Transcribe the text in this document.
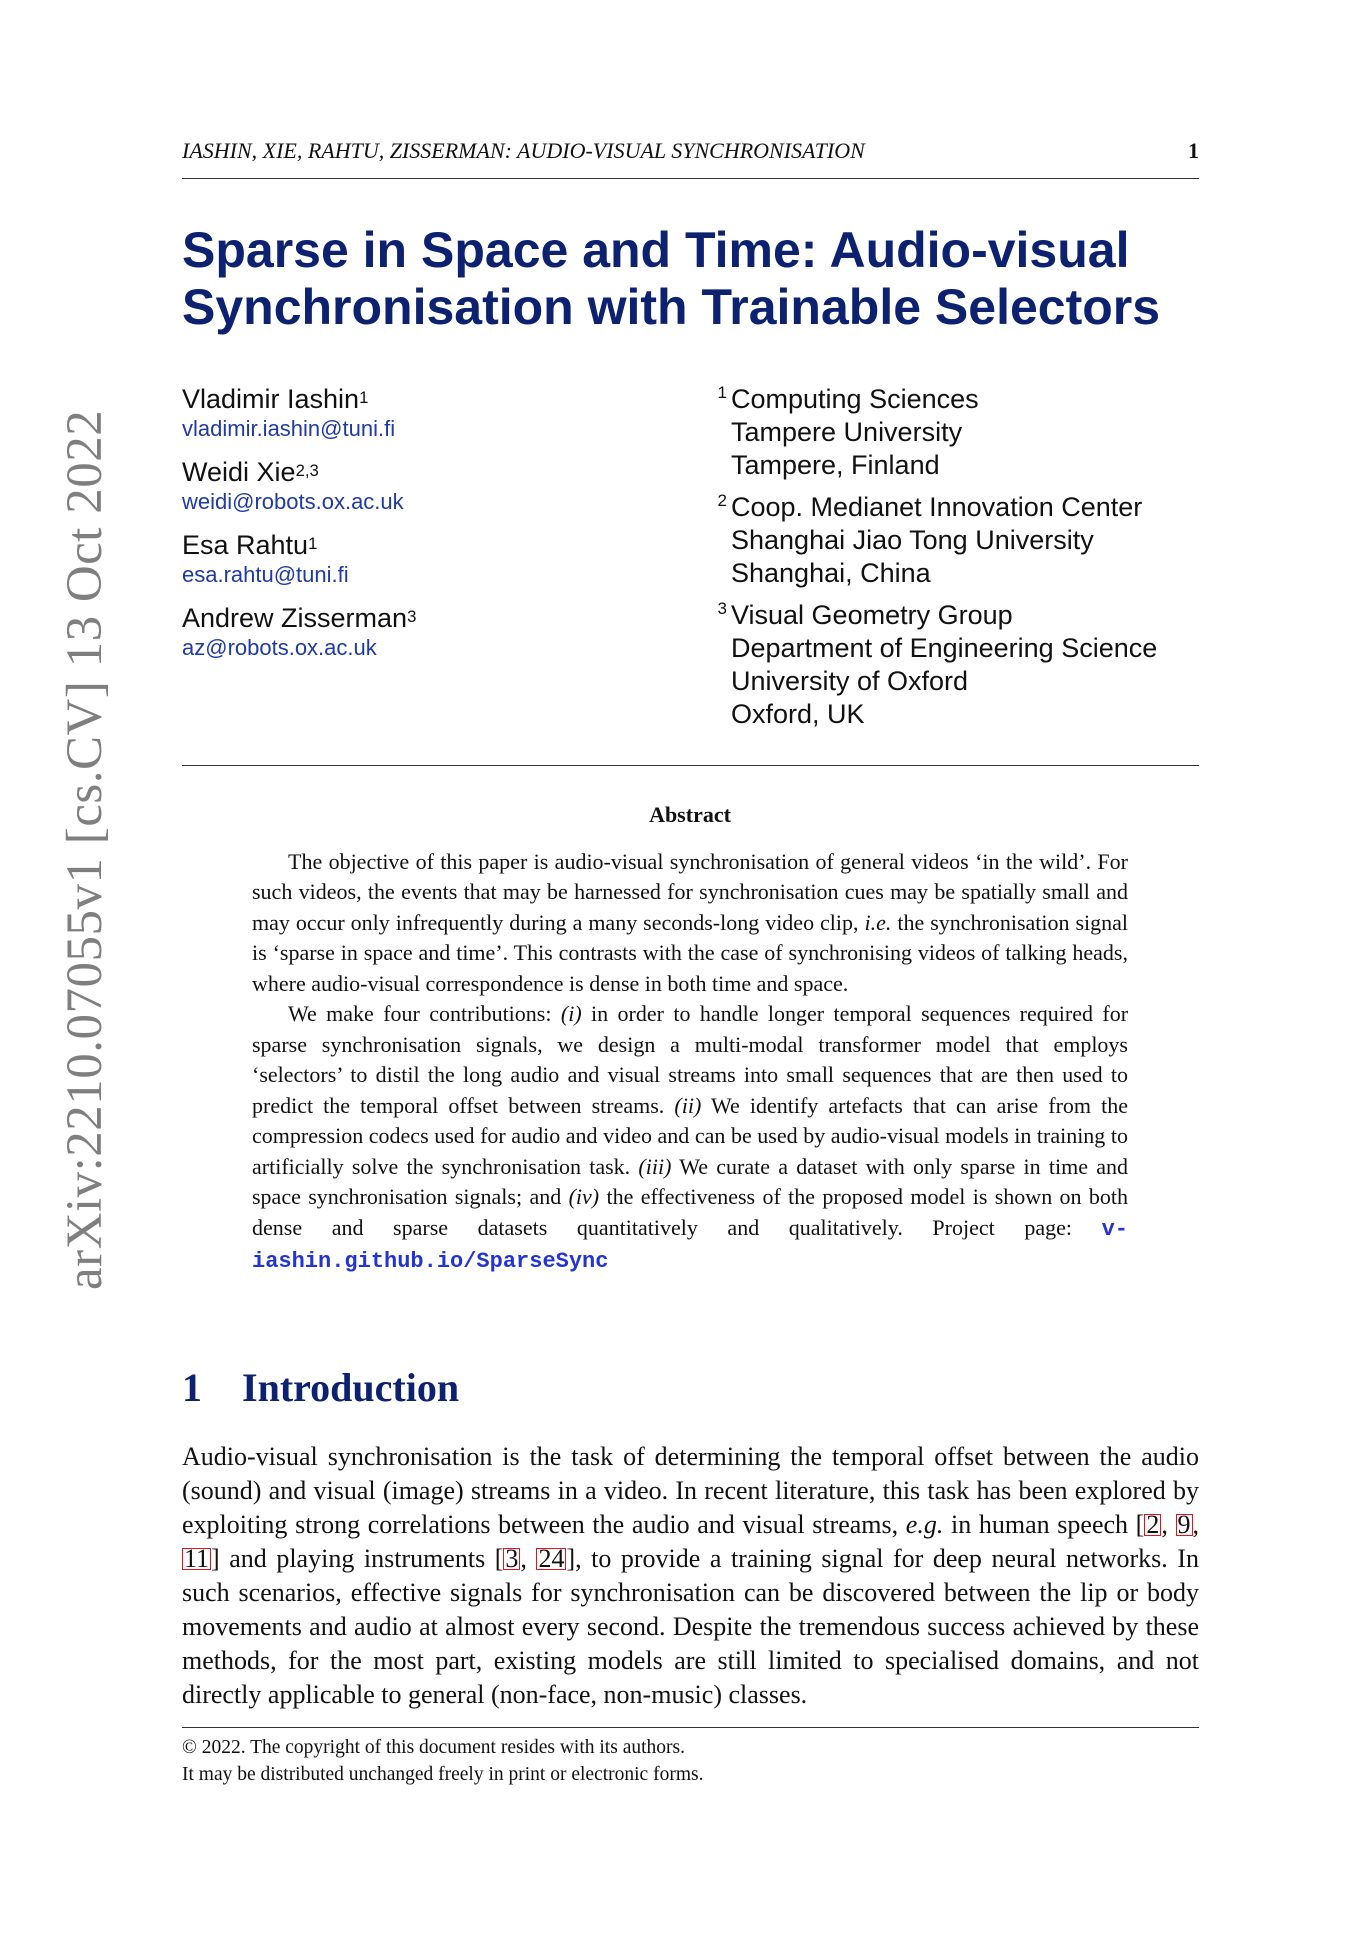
arXiv:2210.07055v1 [cs.CV] 13 Oct 2022
IASHIN, XIE, RAHTU, ZISSERMAN: AUDIO-VISUAL SYNCHRONISATION	1
Sparse in Space and Time: Audio-visual
Synchronisation with Trainable Selectors
Vladimir Iashin$^1$
vladimir.iashin@tuni.fi
Weidi Xie$^{2,3}$
weidi@robots.ox.ac.uk
Esa Rahtu$^1$
esa.rahtu@tuni.fi
Andrew Zisserman$^3$
az@robots.ox.ac.uk
1 Computing Sciences
Tampere University
Tampere, Finland
2 Coop. Medianet Innovation Center
Shanghai Jiao Tong University
Shanghai, China
3 Visual Geometry Group
Department of Engineering Science
University of Oxford
Oxford, UK
Abstract

The objective of this paper is audio-visual synchronisation of general videos ‘in the wild’. For such videos, the events that may be harnessed for synchronisation cues may be spatially small and may occur only infrequently during a many seconds-long video clip, i.e. the synchronisation signal is ‘sparse in space and time’. This contrasts with the case of synchronising videos of talking heads, where audio-visual correspondence is dense in both time and space.

We make four contributions: (i) in order to handle longer temporal sequences required for sparse synchronisation signals, we design a multi-modal transformer model that employs ‘selectors’ to distil the long audio and visual streams into small sequences that are then used to predict the temporal offset between streams. (ii) We identify artefacts that can arise from the compression codecs used for audio and video and can be used by audio-visual models in training to artificially solve the synchronisation task. (iii) We curate a dataset with only sparse in time and space synchronisation signals; and (iv) the effectiveness of the proposed model is shown on both dense and sparse datasets quantitatively and qualitatively. Project page: v-iashin.github.io/SparseSync

1 Introduction

Audio-visual synchronisation is the task of determining the temporal offset between the audio (sound) and visual (image) streams in a video. In recent literature, this task has been explored by exploiting strong correlations between the audio and visual streams, e.g. in human speech [2, 9, 11] and playing instruments [3, 24], to provide a training signal for deep neural networks. In such scenarios, effective signals for synchronisation can be discovered between the lip or body movements and audio at almost every second. Despite the tremendous success achieved by these methods, for the most part, existing models are still limited to specialised domains, and not directly applicable to general (non-face, non-music) classes.

© 2022. The copyright of this document resides with its authors.
It may be distributed unchanged freely in print or electronic forms.
